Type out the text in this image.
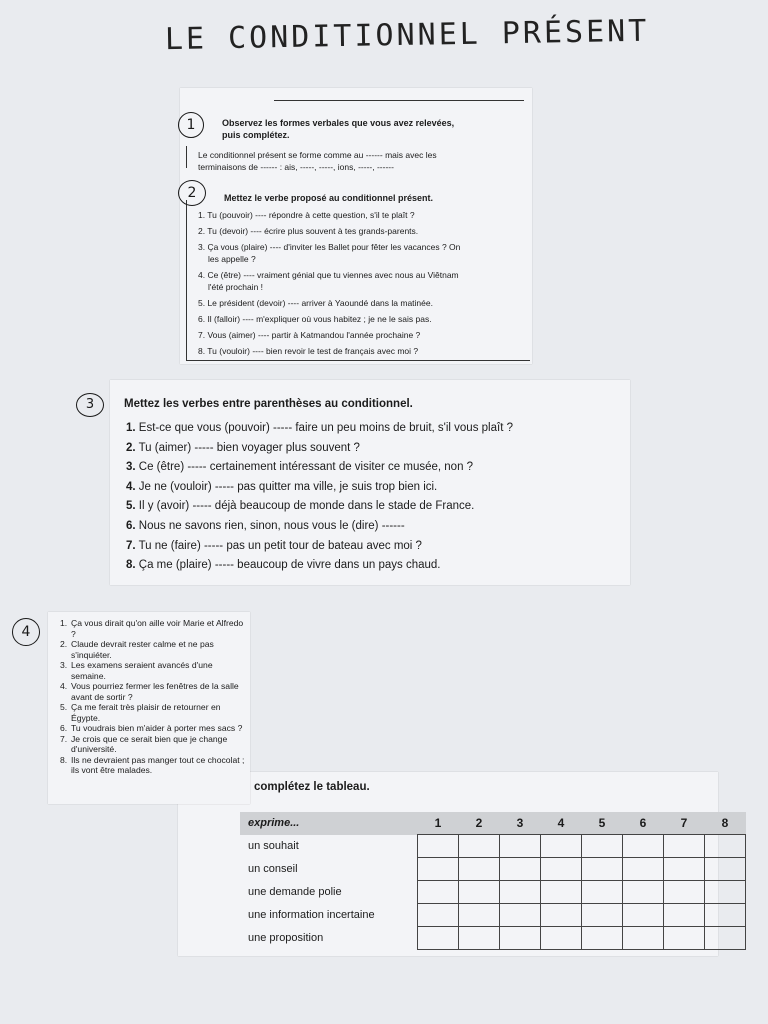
LE CONDITIONNEL PRÉSENT
1	Observez les formes verbales que vous avez relevées,
puis complétez.
Le conditionnel présent se forme comme au ------ mais avec les
terminaisons de ------ : ais, -----, -----, ions, -----, ------
2	Mettez le verbe proposé au conditionnel présent.
1. Tu (pouvoir) ---- répondre à cette question, s'il te plaît ?
2. Tu (devoir) ---- écrire plus souvent à tes grands-parents.
3. Ça vous (plaire) ---- d'inviter les Ballet pour fêter les vacances ? On
les appelle ?
4. Ce (être) ---- vraiment génial que tu viennes avec nous au Viêtnam
l'été prochain !
5. Le président (devoir) ---- arriver à Yaoundé dans la matinée.
6. Il (falloir) ---- m'expliquer où vous habitez ; je ne le sais pas.
7. Vous (aimer) ---- partir à Katmandou l'année prochaine ?
8. Tu (vouloir) ---- bien revoir le test de français avec moi ?
3	Mettez les verbes entre parenthèses au conditionnel.
1. Est-ce que vous (pouvoir) ----- faire un peu moins de bruit, s'il vous plaît ?
2. Tu (aimer) ----- bien voyager plus souvent ?
3. Ce (être) ----- certainement intéressant de visiter ce musée, non ?
4. Je ne (vouloir) ----- pas quitter ma ville, je suis trop bien ici.
5. Il y (avoir) ----- déjà beaucoup de monde dans le stade de France.
6. Nous ne savons rien, sinon, nous vous le (dire) ------
7. Tu ne (faire) ----- pas un petit tour de bateau avec moi ?
8. Ça me (plaire) ----- beaucoup de vivre dans un pays chaud.
complétez le tableau.
exprime...	1	2	3	4	5	6	7	8
un souhait								
un conseil								
une demande polie								
une information incertaine								
une proposition								
4
1. Ça vous dirait qu'on aille voir Marie et Alfredo ?
2. Claude devrait rester calme et ne pas s'inquiéter.
3. Les examens seraient avancés d'une semaine.
4. Vous pourriez fermer les fenêtres de la salle avant de sortir ?
5. Ça me ferait très plaisir de retourner en Égypte.
6. Tu voudrais bien m'aider à porter mes sacs ?
7. Je crois que ce serait bien que je change d'université.
8. Ils ne devraient pas manger tout ce chocolat ; ils vont être malades.
